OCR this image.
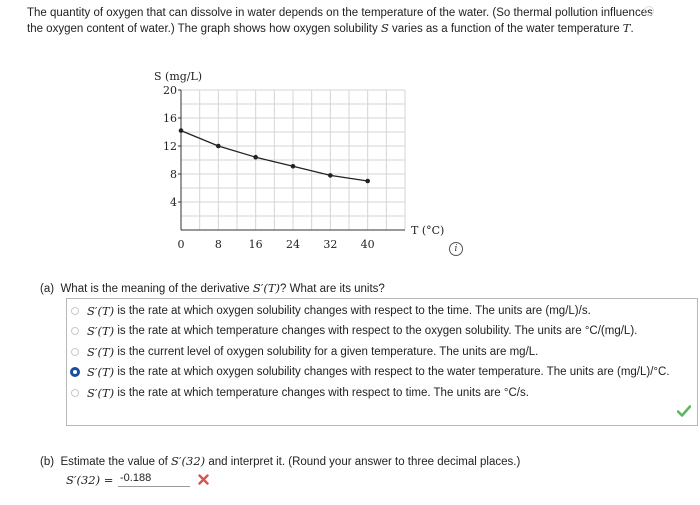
The quantity of oxygen that can dissolve in water depends on the temperature of the water. (So thermal pollution influences the oxygen content of water.) The graph shows how oxygen solubility S varies as a function of the water temperature T.
S (mg/L)
T (°C)
4
8
12
16
20
0	8 16 24 32 40	i
(a) What is the meaning of the derivative S′(T)? What are its units?
S′(T) is the rate at which oxygen solubility changes with respect to the time. The units are (mg/L)/s.
S′(T) is the rate at which temperature changes with respect to the oxygen solubility. The units are °C/(mg/L).
S′(T) is the current level of oxygen solubility for a given temperature. The units are mg/L.
S′(T) is the rate at which oxygen solubility changes with respect to the water temperature. The units are (mg/L)/°C.
S′(T) is the rate at which temperature changes with respect to time. The units are °C/s.
(b) Estimate the value of S′(32) and interpret it. (Round your answer to three decimal places.)
S′(32) =
-0.188
